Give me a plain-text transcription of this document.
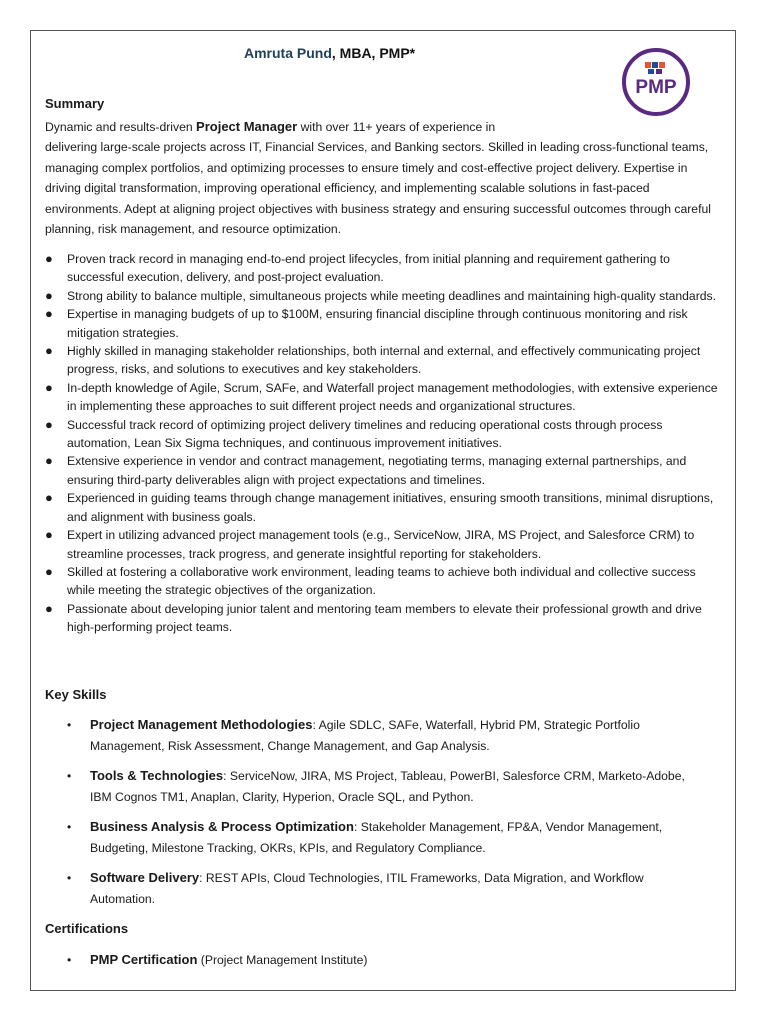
Amruta Pund, MBA, PMP*
PMP
Summary
Dynamic and results-driven Project Manager with over 11+ years of experience in
delivering large-scale projects across IT, Financial Services, and Banking sectors. Skilled in leading cross-functional teams, managing complex portfolios, and optimizing processes to ensure timely and cost-effective project delivery. Expertise in driving digital transformation, improving operational efficiency, and implementing scalable solutions in fast-paced environments. Adept at aligning project objectives with business strategy and ensuring successful outcomes through careful planning, risk management, and resource optimization.
● Proven track record in managing end-to-end project lifecycles, from initial planning and requirement gathering to successful execution, delivery, and post-project evaluation.
● Strong ability to balance multiple, simultaneous projects while meeting deadlines and maintaining high-quality standards.
● Expertise in managing budgets of up to $100M, ensuring financial discipline through continuous monitoring and risk mitigation strategies.
● Highly skilled in managing stakeholder relationships, both internal and external, and effectively communicating project progress, risks, and solutions to executives and key stakeholders.
● In-depth knowledge of Agile, Scrum, SAFe, and Waterfall project management methodologies, with extensive experience in implementing these approaches to suit different project needs and organizational structures.
● Successful track record of optimizing project delivery timelines and reducing operational costs through process automation, Lean Six Sigma techniques, and continuous improvement initiatives.
● Extensive experience in vendor and contract management, negotiating terms, managing external partnerships, and ensuring third-party deliverables align with project expectations and timelines.
● Experienced in guiding teams through change management initiatives, ensuring smooth transitions, minimal disruptions, and alignment with business goals.
● Expert in utilizing advanced project management tools (e.g., ServiceNow, JIRA, MS Project, and Salesforce CRM) to streamline processes, track progress, and generate insightful reporting for stakeholders.
● Skilled at fostering a collaborative work environment, leading teams to achieve both individual and collective success while meeting the strategic objectives of the organization.
● Passionate about developing junior talent and mentoring team members to elevate their professional growth and drive high-performing project teams.
Key Skills
• Project Management Methodologies: Agile SDLC, SAFe, Waterfall, Hybrid PM, Strategic Portfolio Management, Risk Assessment, Change Management, and Gap Analysis.
• Tools & Technologies: ServiceNow, JIRA, MS Project, Tableau, PowerBI, Salesforce CRM, Marketo-Adobe, IBM Cognos TM1, Anaplan, Clarity, Hyperion, Oracle SQL, and Python.
• Business Analysis & Process Optimization: Stakeholder Management, FP&A, Vendor Management, Budgeting, Milestone Tracking, OKRs, KPIs, and Regulatory Compliance.
• Software Delivery: REST APIs, Cloud Technologies, ITIL Frameworks, Data Migration, and Workflow Automation.
Certifications
• PMP Certification (Project Management Institute)
